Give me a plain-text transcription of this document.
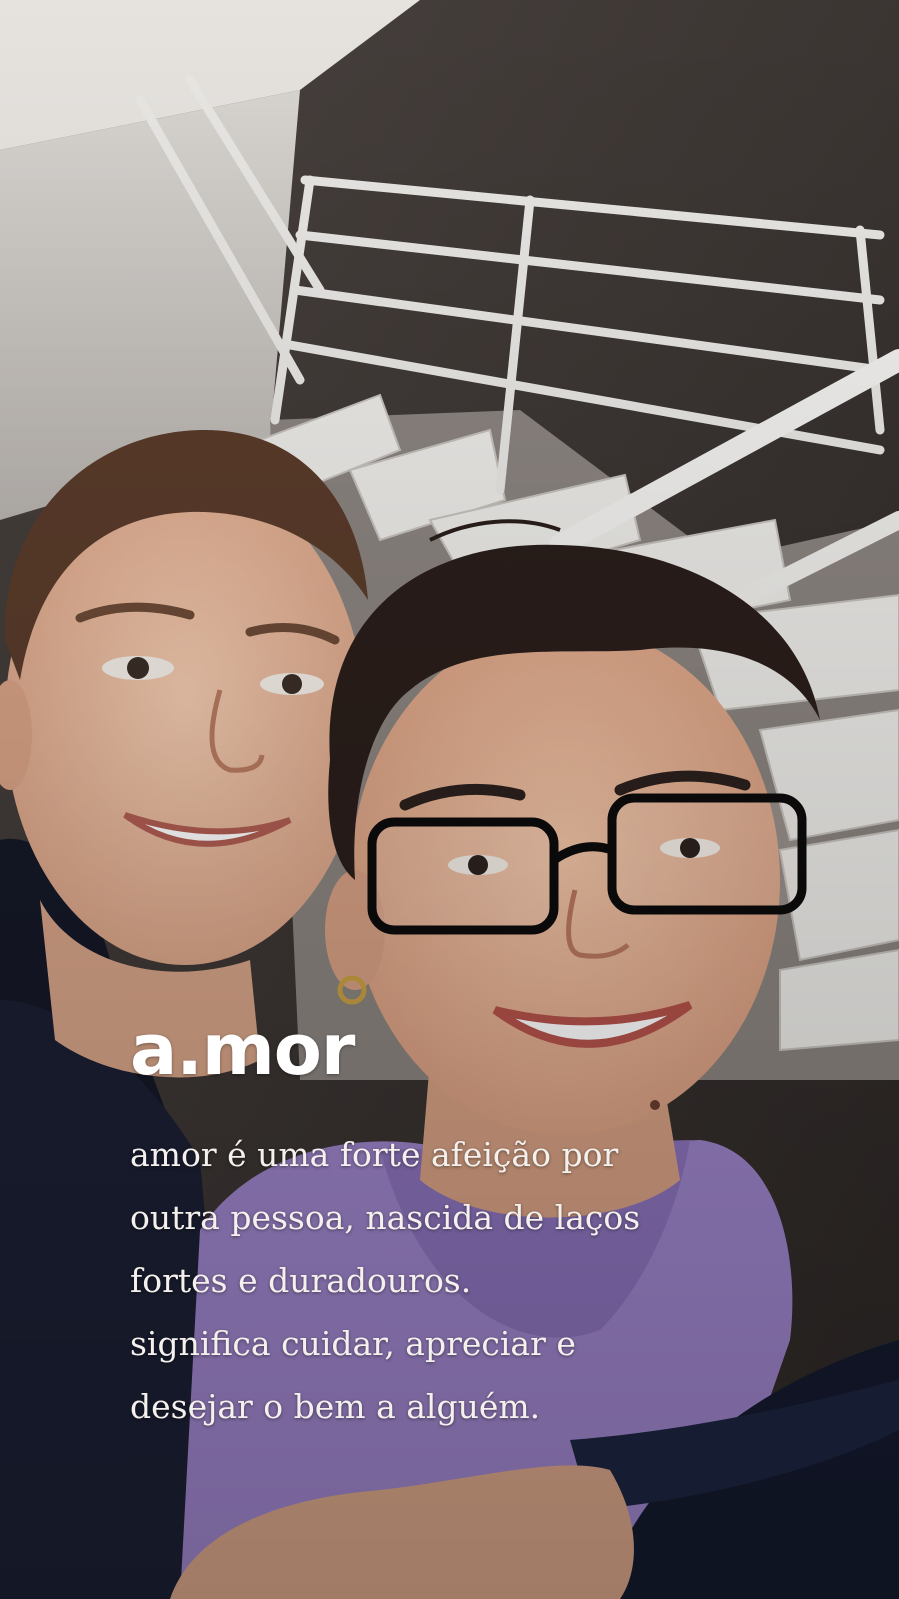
a.mor
amor é uma forte afeição por
outra pessoa, nascida de laços
fortes e duradouros.
significa cuidar, apreciar e
desejar o bem a alguém.
